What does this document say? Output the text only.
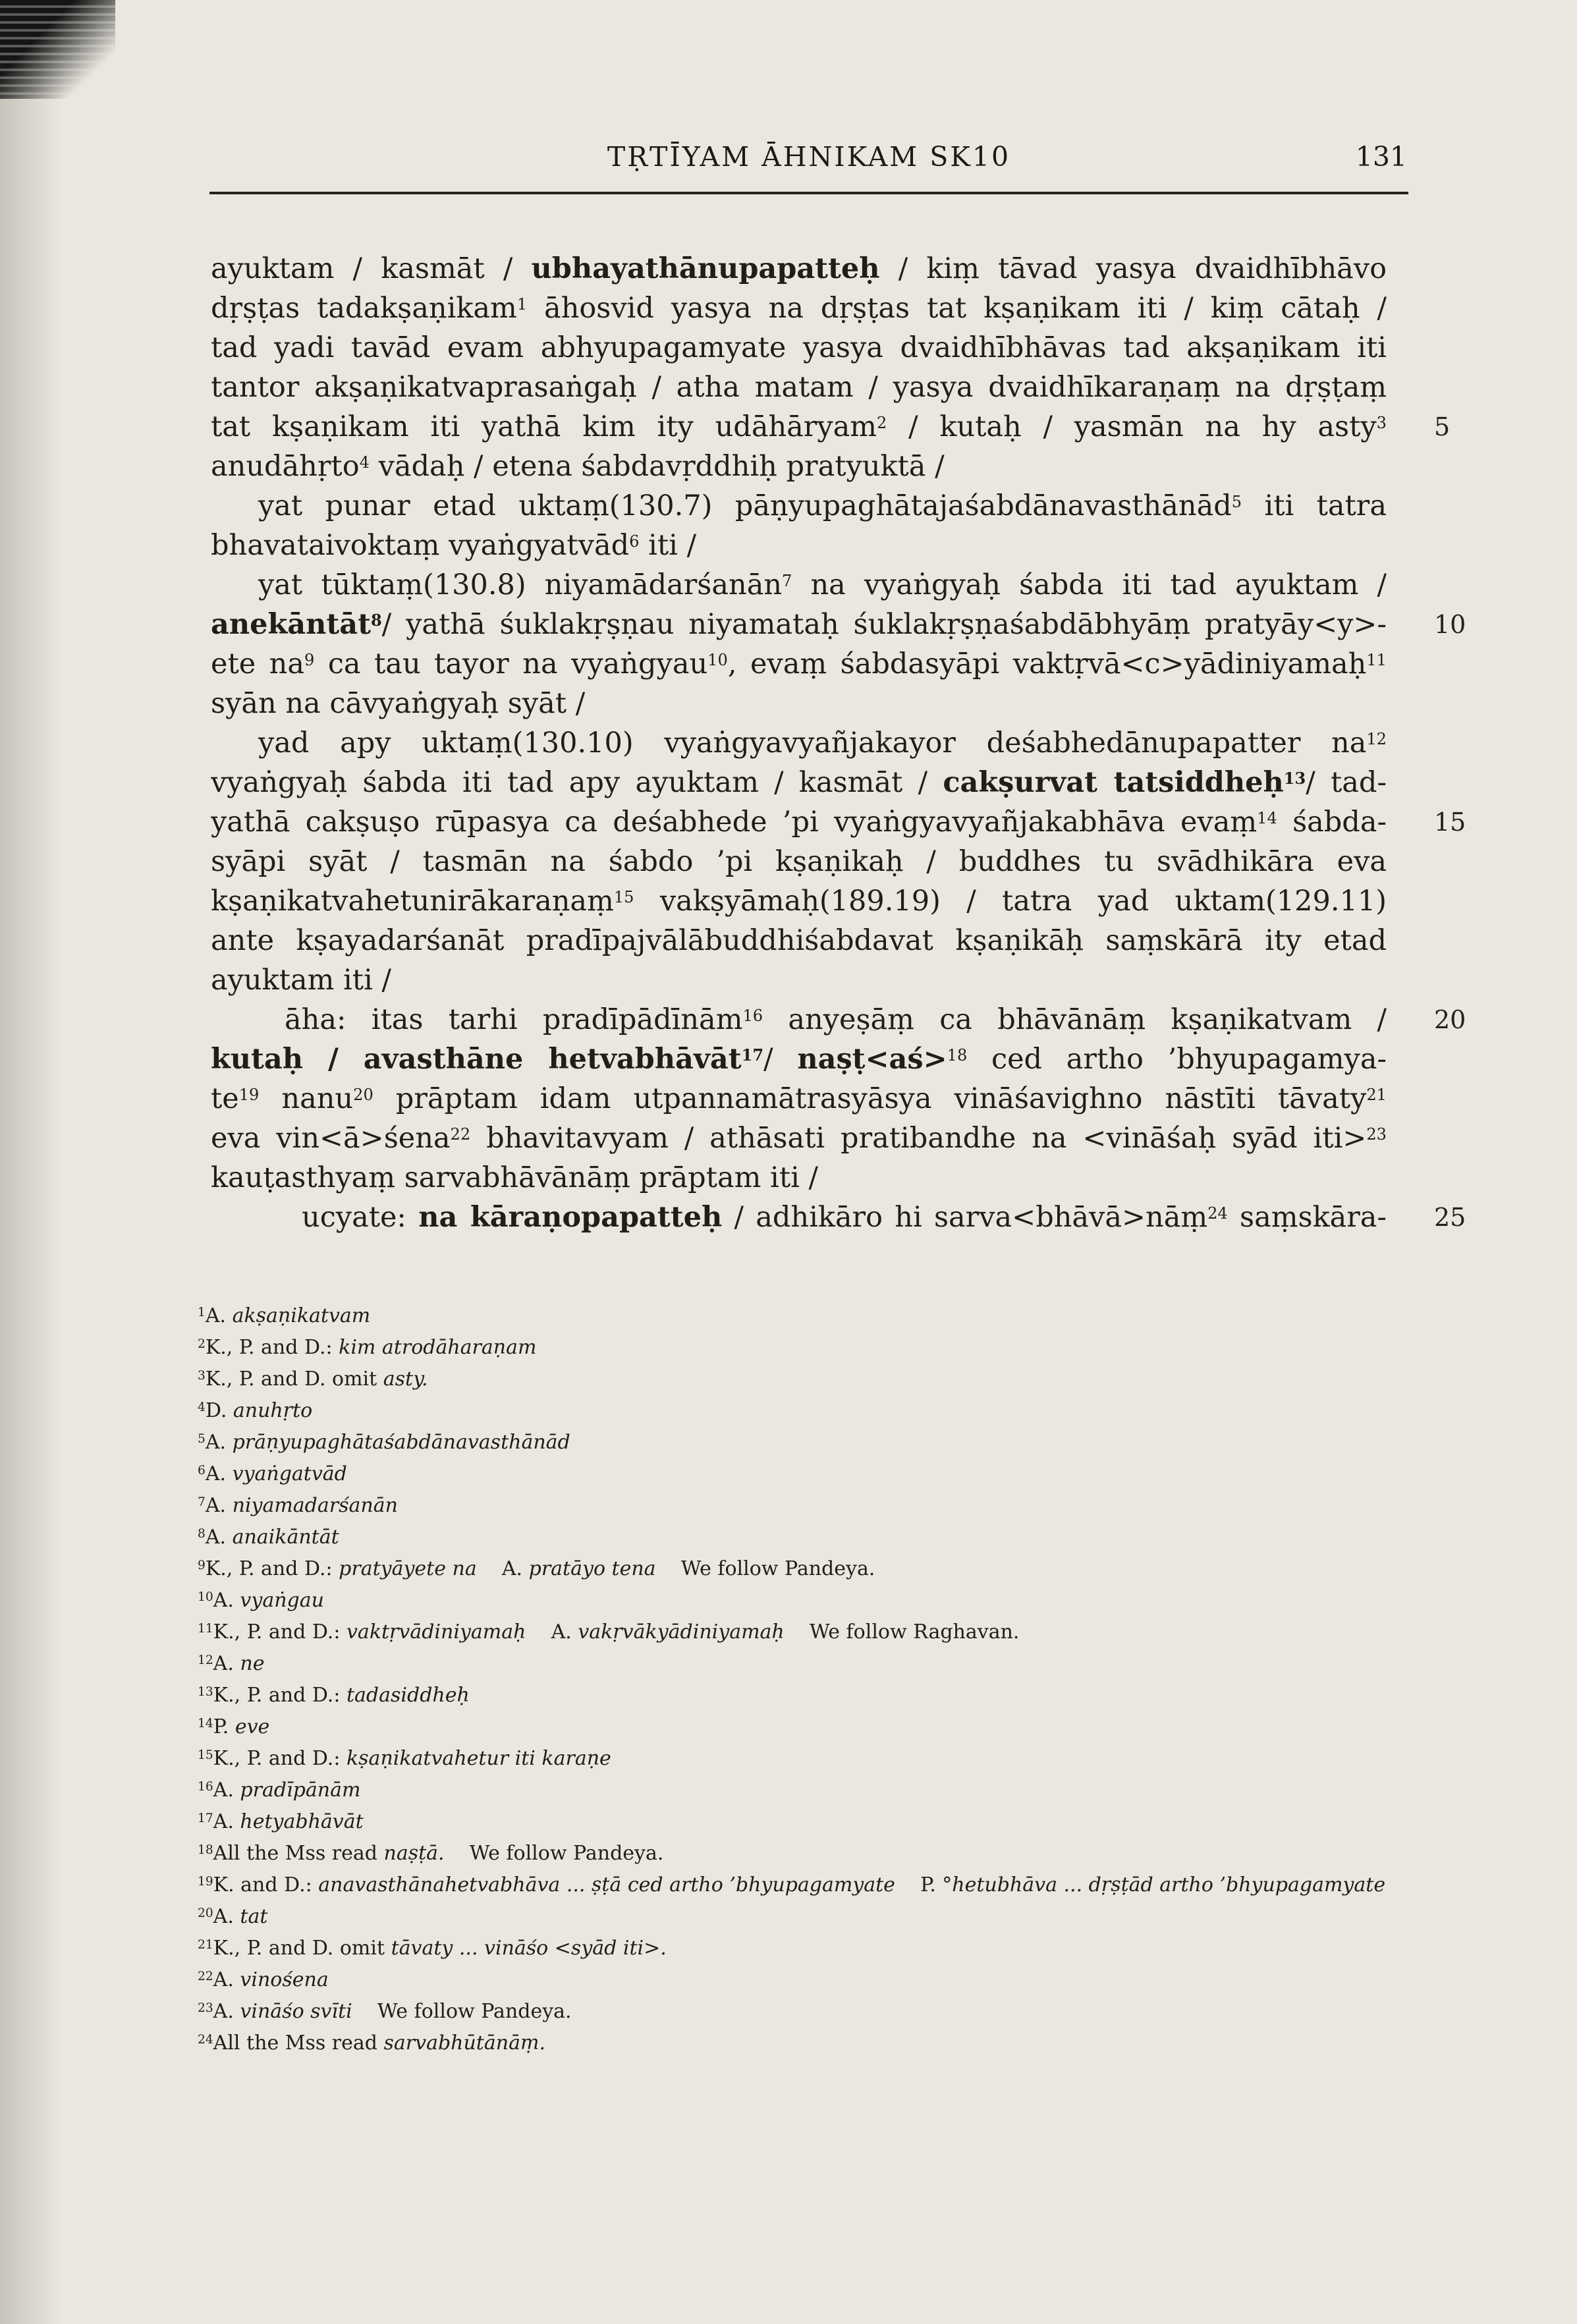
TṚTĪYAM ĀHNIKAM SK10	131
ayuktam / kasmāt / ubhayathānupapatteḥ / kiṃ tāvad yasya dvaidhībhāvo
dṛṣṭas tadakṣaṇikam$^1$ āhosvid yasya na dṛṣṭas tat kṣaṇikam iti / kiṃ cātaḥ /
tad yadi tavād evam abhyupagamyate yasya dvaidhībhāvas tad akṣaṇikam iti
tantor akṣaṇikatvaprasaṅgaḥ / atha matam / yasya dvaidhīkaraṇaṃ na dṛṣṭaṃ
tat kṣaṇikam iti yathā kim ity udāhāryam$^2$ / kutaḥ / yasmān na hy asty$^3$ 5
anudāhṛto$^4$ vādaḥ / etena śabdavṛddhiḥ pratyuktā /
yat punar etad uktaṃ(130.7) pāṇyupaghātajaśabdānavasthānād$^5$ iti tatra
bhavataivoktaṃ vyaṅgyatvād$^6$ iti /
yat tūktaṃ(130.8) niyamādarśanān$^7$ na vyaṅgyaḥ śabda iti tad ayuktam /
anekāntāt$^8$/ yathā śuklakṛṣṇau niyamataḥ śuklakṛṣṇaśabdābhyāṃ pratyāy<y>- 10
ete $na^9$ ca tau tayor na vyaṅgyau$^{10}$, evaṃ śabdasyāpi vaktṛvā<c>yādiniyamaḥ$^{11}$
syān na cāvyaṅgyaḥ syāt /
yad apy uktaṃ(130.10) vyaṅgyavyañjakayor deśabhedānupapatter $na^{12}$
vyaṅgyaḥ śabda iti tad apy ayuktam / kasmāt / cakṣurvat tatsiddheḥ$^{13}$/ tad-
yathā cakṣuṣo rūpasya ca deśabhede ’pi vyaṅgyavyañjakabhāva evaṃ$^{14}$ śabda- 15
syāpi syāt / tasmān na śabdo ’pi kṣaṇikaḥ / buddhes tu svādhikāra eva
kṣaṇikatvahetunirākaraṇaṃ$^{15}$ vakṣyāmaḥ(189.19) / tatra yad uktam(129.11)
ante kṣayadarśanāt pradīpajvālābuddhiśabdavat kṣaṇikāḥ saṃskārā ity etad
ayuktam iti /
āha: itas tarhi pradīpādīnām$^{16}$ anyeṣāṃ ca bhāvānāṃ kṣaṇikatvam / 20
kutaḥ / avasthāne hetvabhāvāt$^{17}$/ naṣṭ<aś>$^{18}$ ced artho ’bhyupagamya-
$te^{19}$ nanu$^{20}$ prāptam idam utpannamātrasyāsya vināśavighno nāstīti tāvaty$^{21}$
eva vin<ā>śena$^{22}$ bhavitavyam / athāsati pratibandhe na <vināśaḥ syād iti>$^{23}$
kauṭasthyaṃ sarvabhāvānāṃ prāptam iti /
ucyate: na kāraṇopapatteḥ / adhikāro hi sarva<bhāvā>nāṃ$^{24}$ saṃskāra- 25
$^1$A. akṣaṇikatvam
$^2$K., P. and D.: kim atrodāharaṇam
$^3$K., P. and D. omit asty.
$^4$D. anuhṛto
$^5$A. prāṇyupaghātaśabdānavasthānād
$^6$A. vyaṅgatvād
$^7$A. niyamadarśanān
$^8$A. anaikāntāt
$^9$K., P. and D.: pratyāyete na    A. pratāyo tena    We follow Pandeya.
$^{10}$A. vyaṅgau
$^{11}$K., P. and D.: vaktṛvādiniyamaḥ    A. vakṛvākyādiniyamaḥ    We follow Raghavan.
$^{12}$A. ne
$^{13}$K., P. and D.: tadasiddheḥ
$^{14}$P. eve
$^{15}$K., P. and D.: kṣaṇikatvahetur iti karaṇe
$^{16}$A. pradīpānām
$^{17}$A. hetyabhāvāt
$^{18}$All the Mss read naṣṭā.    We follow Pandeya.
$^{19}$K. and D.: anavasthānahetvabhāva ... ṣṭā ced artho ’bhyupagamyate    P. °hetubhāva ... dṛṣṭād artho ’bhyupagamyate
$^{20}$A. tat
$^{21}$K., P. and D. omit tāvaty ... vināśo <syād iti>.
$^{22}$A. vinośena
$^{23}$A. vināśo svīti    We follow Pandeya.
$^{24}$All the Mss read sarvabhūtānāṃ.
